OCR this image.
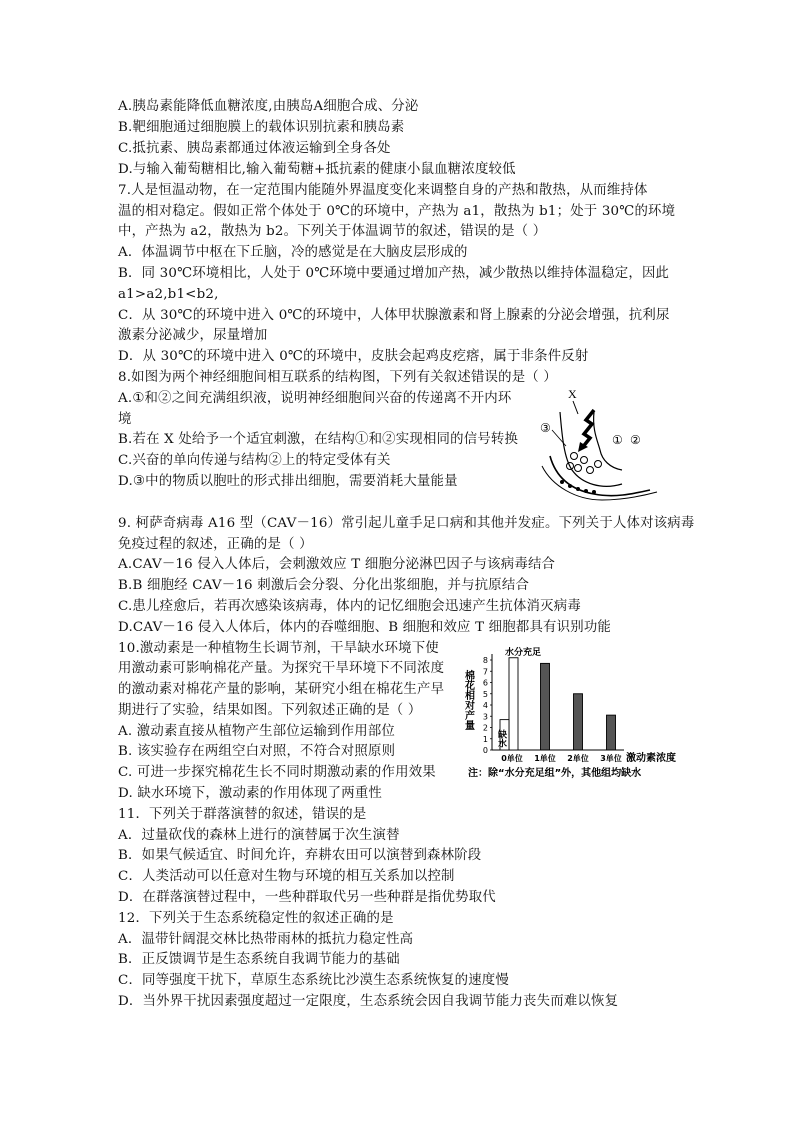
A.胰岛素能降低血糖浓度,由胰岛A细胞合成、分泌
B.靶细胞通过细胞膜上的载体识别抗素和胰岛素
C.抵抗素、胰岛素都通过体液运输到全身各处
D.与输入葡萄糖相比,输入葡萄糖+抵抗素的健康小鼠血糖浓度较低
7.人是恒温动物，在一定范围内能随外界温度变化来调整自身的产热和散热，从而维持体
温的相对稳定。假如正常个体处于 0℃的环境中，产热为 a1，散热为 b1；处于 30℃的环境
中，产热为 a2，散热为 b2。下列关于体温调节的叙述，错误的是（ ）
A．体温调节中枢在下丘脑，冷的感觉是在大脑皮层形成的
B．同 30℃环境相比，人处于 0℃环境中要通过增加产热，减少散热以维持体温稳定，因此
a1>a2,b1<b2,
C．从 30℃的环境中进入 0℃的环境中，人体甲状腺激素和肾上腺素的分泌会增强，抗利尿
激素分泌减少，尿量增加
D．从 30℃的环境中进入 0℃的环境中，皮肤会起鸡皮疙瘩，属于非条件反射
8.如图为两个神经细胞间相互联系的结构图，下列有关叙述错误的是（ ）
A.①和②之间充满组织液，说明神经细胞间兴奋的传递离不开内环
境
B.若在 X 处给予一个适宜刺激，在结构①和②实现相同的信号转换
C.兴奋的单向传递与结构②上的特定受体有关
D.③中的物质以胞吐的形式排出细胞，需要消耗大量能量
X
③
① ②
9. 柯萨奇病毒 A16 型（CAV－16）常引起儿童手足口病和其他并发症。下列关于人体对该病毒
免疫过程的叙述，正确的是（ ）
A.CAV－16 侵入人体后，会刺激效应 T 细胞分泌淋巴因子与该病毒结合
B.B 细胞经 CAV－16 刺激后会分裂、分化出浆细胞，并与抗原结合
C.患儿痊愈后，若再次感染该病毒，体内的记忆细胞会迅速产生抗体消灭病毒
D.CAV－16 侵入人体后，体内的吞噬细胞、B 细胞和效应 T 细胞都具有识别功能
10.激动素是一种植物生长调节剂，干旱缺水环境下使
用激动素可影响棉花产量。为探究干旱环境下不同浓度
的激动素对棉花产量的影响，某研究小组在棉花生产早
期进行了实验，结果如图。下列叙述正确的是（ ）
A. 激动素直接从植物产生部位运输到作用部位
B. 该实验存在两组空白对照，不符合对照原则
C. 可进一步探究棉花生长不同时期激动素的作用效果
D. 缺水环境下，激动素的作用体现了两重性
棉花相对产量
0
1
2
3
4
5
6
7
8
水分充足
缺水
0单位 1单位 2单位 3单位 激动素浓度
注：除“水分充足组”外，其他组均缺水
11．下列关于群落演替的叙述，错误的是
A．过量砍伐的森林上进行的演替属于次生演替
B．如果气候适宜、时间允许，弃耕农田可以演替到森林阶段
C．人类活动可以任意对生物与环境的相互关系加以控制
D．在群落演替过程中，一些种群取代另一些种群是指优势取代
12．下列关于生态系统稳定性的叙述正确的是
A．温带针阔混交林比热带雨林的抵抗力稳定性高
B．正反馈调节是生态系统自我调节能力的基础
C．同等强度干扰下，草原生态系统比沙漠生态系统恢复的速度慢
D．当外界干扰因素强度超过一定限度，生态系统会因自我调节能力丧失而难以恢复
